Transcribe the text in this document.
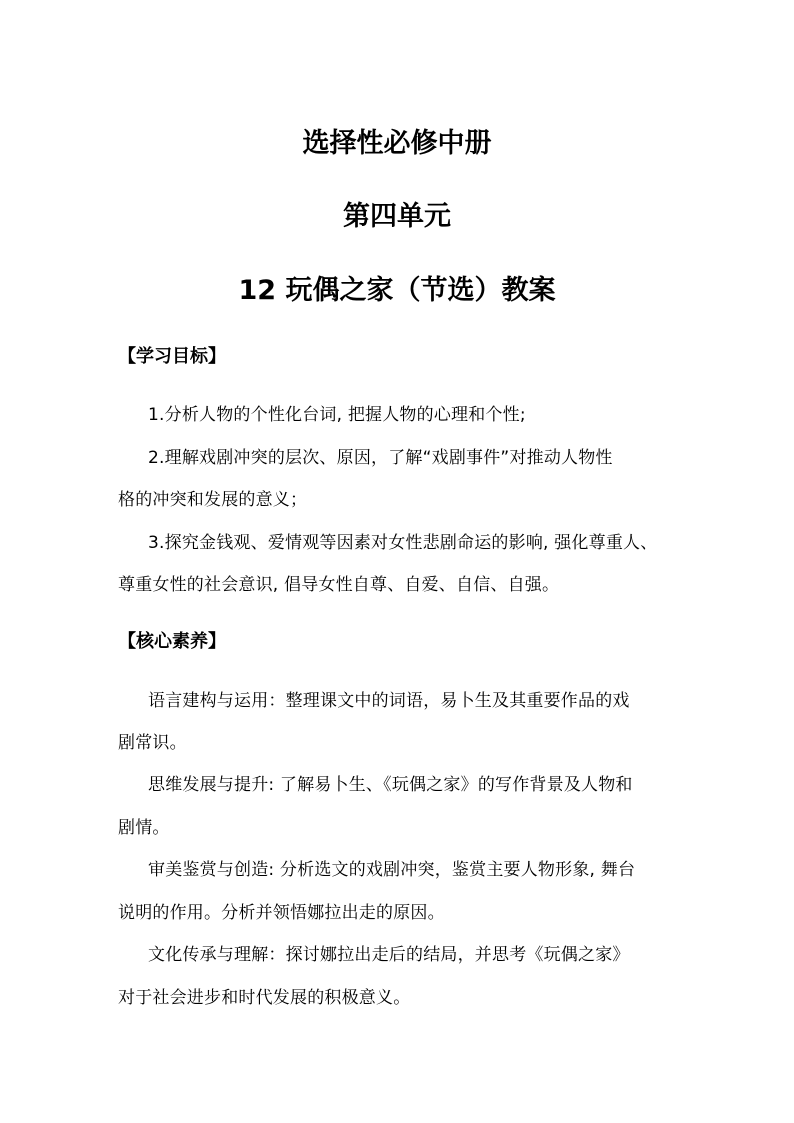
选择性必修中册
第四单元
12 玩偶之家（节选）教案
【学习目标】
1.分析人物的个性化台词, 把握人物的心理和个性;
2.理解戏剧冲突的层次、原因，了解“戏剧事件”对推动人物性
格的冲突和发展的意义；
3.探究金钱观、爱情观等因素对女性悲剧命运的影响, 强化尊重人、
尊重女性的社会意识, 倡导女性自尊、自爱、自信、自强。
【核心素养】
语言建构与运用：整理课文中的词语，易卜生及其重要作品的戏
剧常识。
思维发展与提升: 了解易卜生、《玩偶之家》的写作背景及人物和
剧情。
审美鉴赏与创造: 分析选文的戏剧冲突，鉴赏主要人物形象, 舞台
说明的作用。分析并领悟娜拉出走的原因。
文化传承与理解：探讨娜拉出走后的结局，并思考《玩偶之家》
对于社会进步和时代发展的积极意义。
